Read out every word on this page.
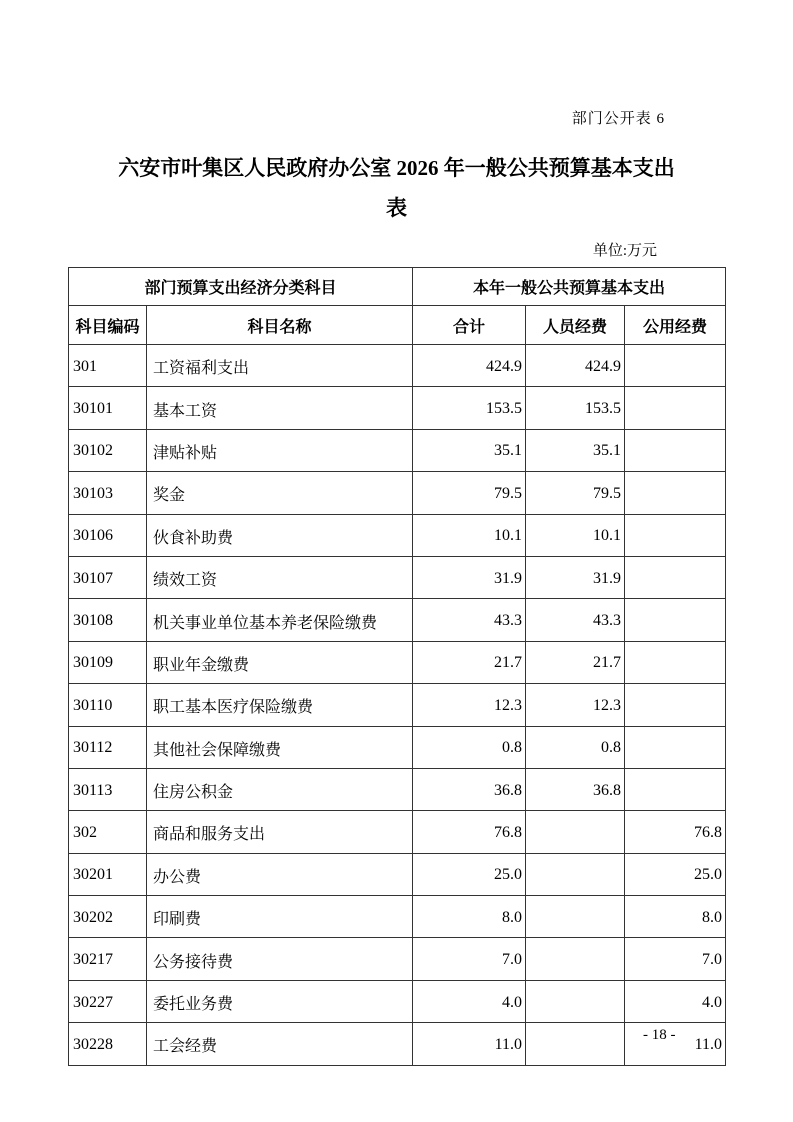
部门公开表 6
六安市叶集区人民政府办公室 2026 年一般公共预算基本支出
表
单位:万元
部门预算支出经济分类科目		本年一般公共预算基本支出		
科目编码	科目名称	合计	人员经费	公用经费
301	工资福利支出	424.9	424.9	
30101	基本工资	153.5	153.5	
30102	津贴补贴	35.1	35.1	
30103	奖金	79.5	79.5	
30106	伙食补助费	10.1	10.1	
30107	绩效工资	31.9	31.9	
30108	机关事业单位基本养老保险缴费	43.3	43.3	
30109	职业年金缴费	21.7	21.7	
30110	职工基本医疗保险缴费	12.3	12.3	
30112	其他社会保障缴费	0.8	0.8	
30113	住房公积金	36.8	36.8	
302	商品和服务支出	76.8		76.8
30201	办公费	25.0		25.0
30202	印刷费	8.0		8.0
30217	公务接待费	7.0		7.0
30227	委托业务费	4.0		4.0
30228	工会经费	11.0		11.0
- 18 -
